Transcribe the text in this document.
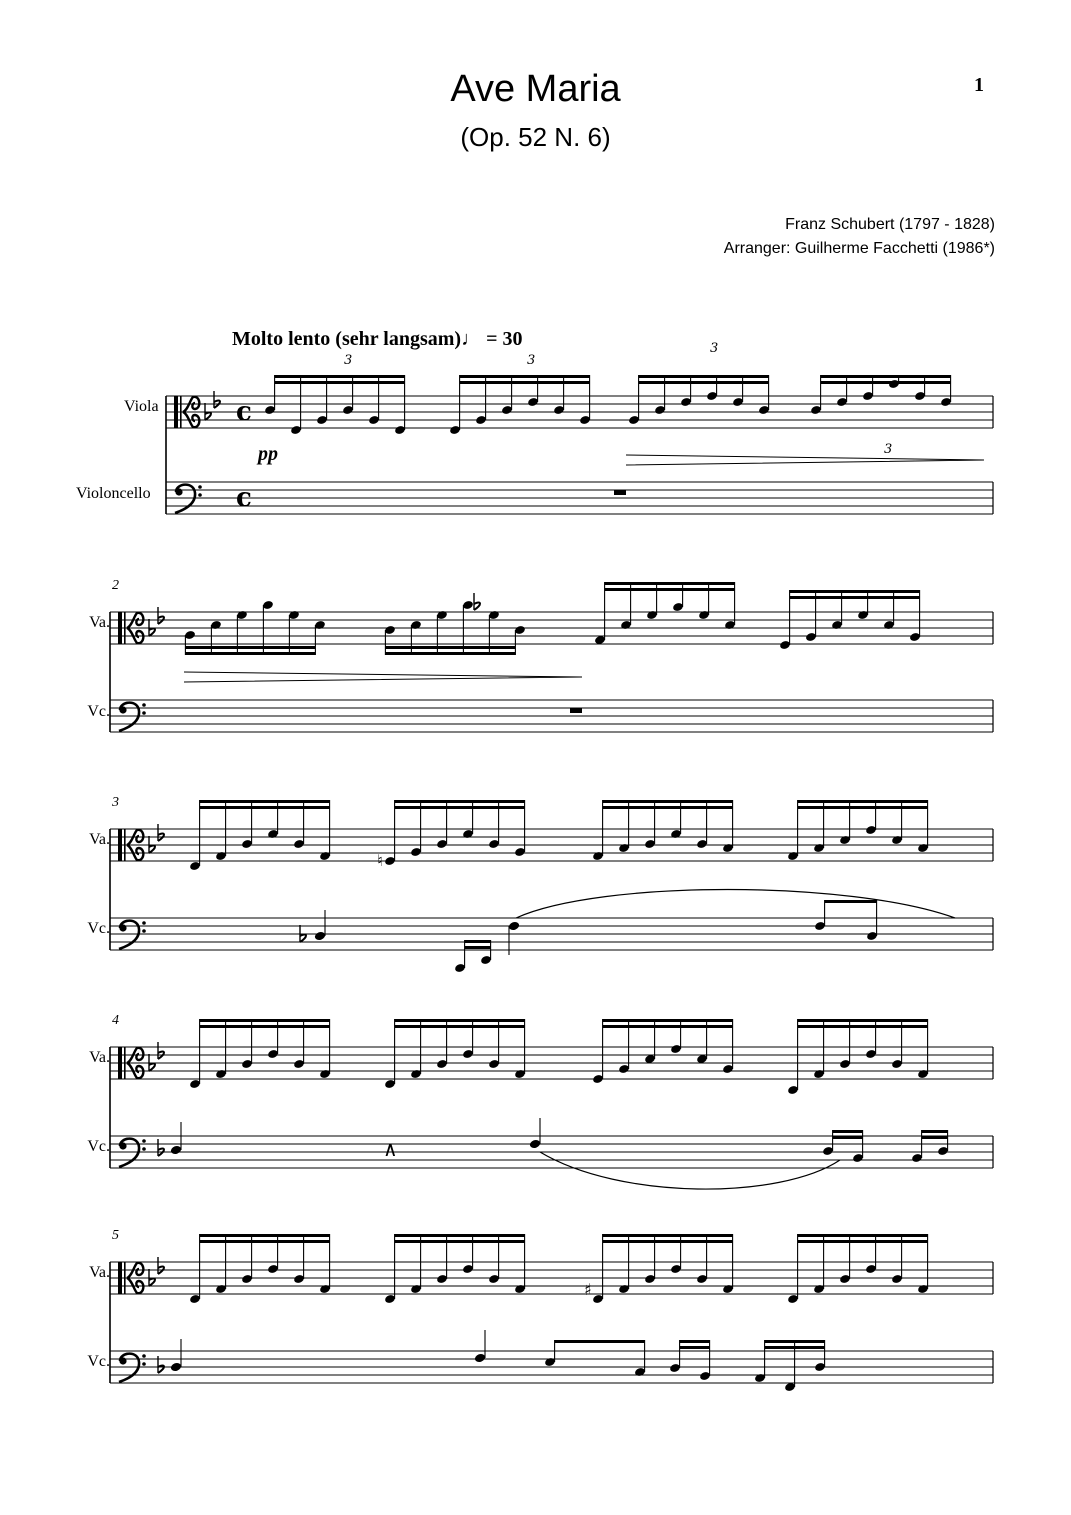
Ave Maria
(Op. 52 N. 6)
1
Franz Schubert (1797 - 1828)
Arranger: Guilherme Facchetti (1986*)
Molto lento (sehr langsam)♩ = 30
pp
Viola
Violoncello
Va.
Vc.
Va.
Vc.
Va.
Vc.
Va.
Vc.
2
3
4
5
c
c
3	3
3
3
♮
∧
♯
